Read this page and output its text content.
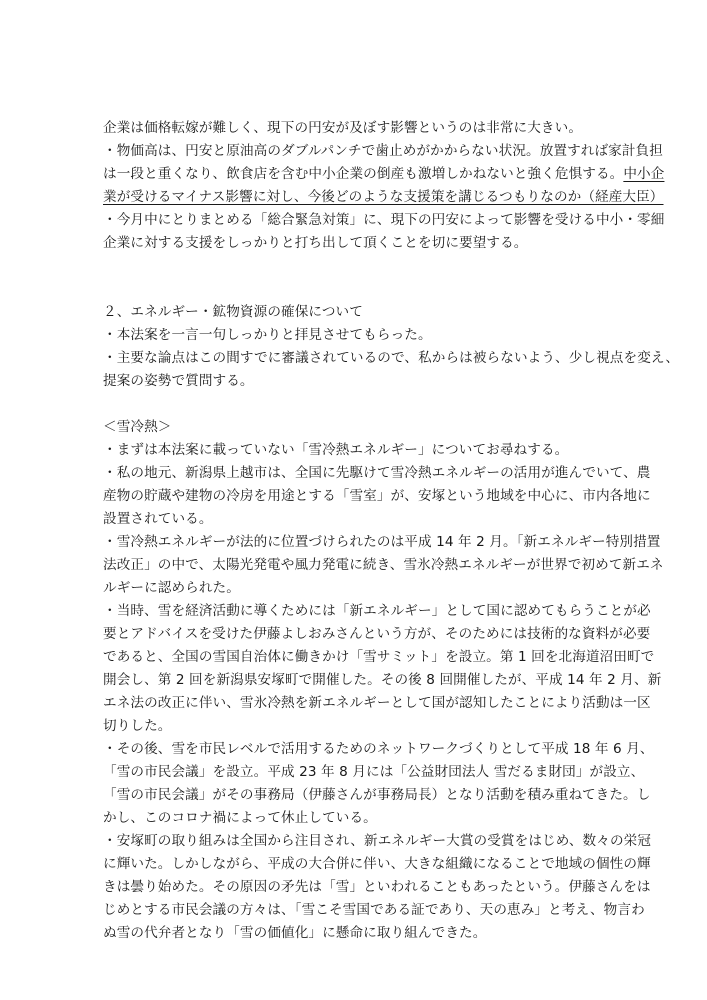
企業は価格転嫁が難しく、現下の円安が及ぼす影響というのは非常に大きい。
・物価高は、円安と原油高のダブルパンチで歯止めがかからない状況。放置すれば家計負担
は一段と重くなり、飲食店を含む中小企業の倒産も激増しかねないと強く危惧する。中小企
業が受けるマイナス影響に対し、今後どのような支援策を講じるつもりなのか（経産大臣）
・今月中にとりまとめる「総合緊急対策」に、現下の円安によって影響を受ける中小・零細
企業に対する支援をしっかりと打ち出して頂くことを切に要望する。
２、エネルギー・鉱物資源の確保について
・本法案を一言一句しっかりと拝見させてもらった。
・主要な論点はこの間すでに審議されているので、私からは被らないよう、少し視点を変え、
提案の姿勢で質問する。
＜雪冷熱＞
・まずは本法案に載っていない「雪冷熱エネルギー」についてお尋ねする。
・私の地元、新潟県上越市は、全国に先駆けて雪冷熱エネルギーの活用が進んでいて、農
産物の貯蔵や建物の冷房を用途とする「雪室」が、安塚という地域を中心に、市内各地に
設置されている。
・雪冷熱エネルギーが法的に位置づけられたのは平成 14 年 2 月。「新エネルギー特別措置
法改正」の中で、太陽光発電や風力発電に続き、雪氷冷熱エネルギーが世界で初めて新エネ
ルギーに認められた。
・当時、雪を経済活動に導くためには「新エネルギー」として国に認めてもらうことが必
要とアドバイスを受けた伊藤よしおみさんという方が、そのためには技術的な資料が必要
であると、全国の雪国自治体に働きかけ「雪サミット」を設立。第 1 回を北海道沼田町で
開会し、第 2 回を新潟県安塚町で開催した。その後 8 回開催したが、平成 14 年 2 月、新
エネ法の改正に伴い、雪氷冷熱を新エネルギーとして国が認知したことにより活動は一区
切りした。
・その後、雪を市民レベルで活用するためのネットワークづくりとして平成 18 年 6 月、
「雪の市民会議」を設立。平成 23 年 8 月には「公益財団法人 雪だるま財団」が設立、
「雪の市民会議」がその事務局（伊藤さんが事務局長）となり活動を積み重ねてきた。し
かし、このコロナ禍によって休止している。
・安塚町の取り組みは全国から注目され、新エネルギー大賞の受賞をはじめ、数々の栄冠
に輝いた。しかしながら、平成の大合併に伴い、大きな組織になることで地域の個性の輝
きは曇り始めた。その原因の矛先は「雪」といわれることもあったという。伊藤さんをは
じめとする市民会議の方々は、「雪こそ雪国である証であり、天の恵み」と考え、物言わ
ぬ雪の代弁者となり「雪の価値化」に懸命に取り組んできた。
